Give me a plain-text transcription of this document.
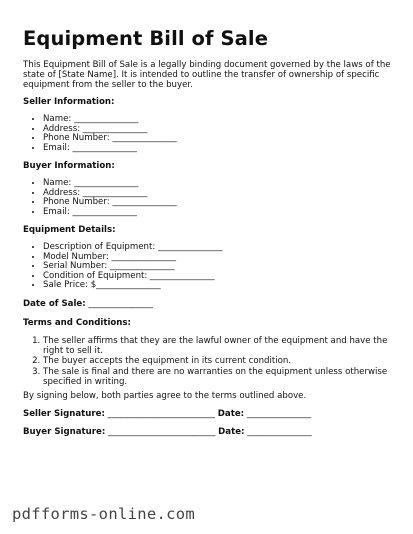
Equipment Bill of Sale

This Equipment Bill of Sale is a legally binding document governed by the laws of the state of [State Name]. It is intended to outline the transfer of ownership of specific equipment from the seller to the buyer.

Seller Information:

• Name: _______________
• Address: _______________
• Phone Number: _______________
• Email: _______________

Buyer Information:

• Name: _______________
• Address: _______________
• Phone Number: _______________
• Email: _______________

Equipment Details:

• Description of Equipment: _______________
• Model Number: _______________
• Serial Number: _______________
• Condition of Equipment: _______________
• Sale Price: $_______________

Date of Sale: _______________

Terms and Conditions:

1. The seller affirms that they are the lawful owner of the equipment and have the right to sell it.
2. The buyer accepts the equipment in its current condition.
3. The sale is final and there are no warranties on the equipment unless otherwise specified in writing.

By signing below, both parties agree to the terms outlined above.

Seller Signature: _________________________ Date: _______________

Buyer Signature: _________________________ Date: _______________

pdfforms-online.com
